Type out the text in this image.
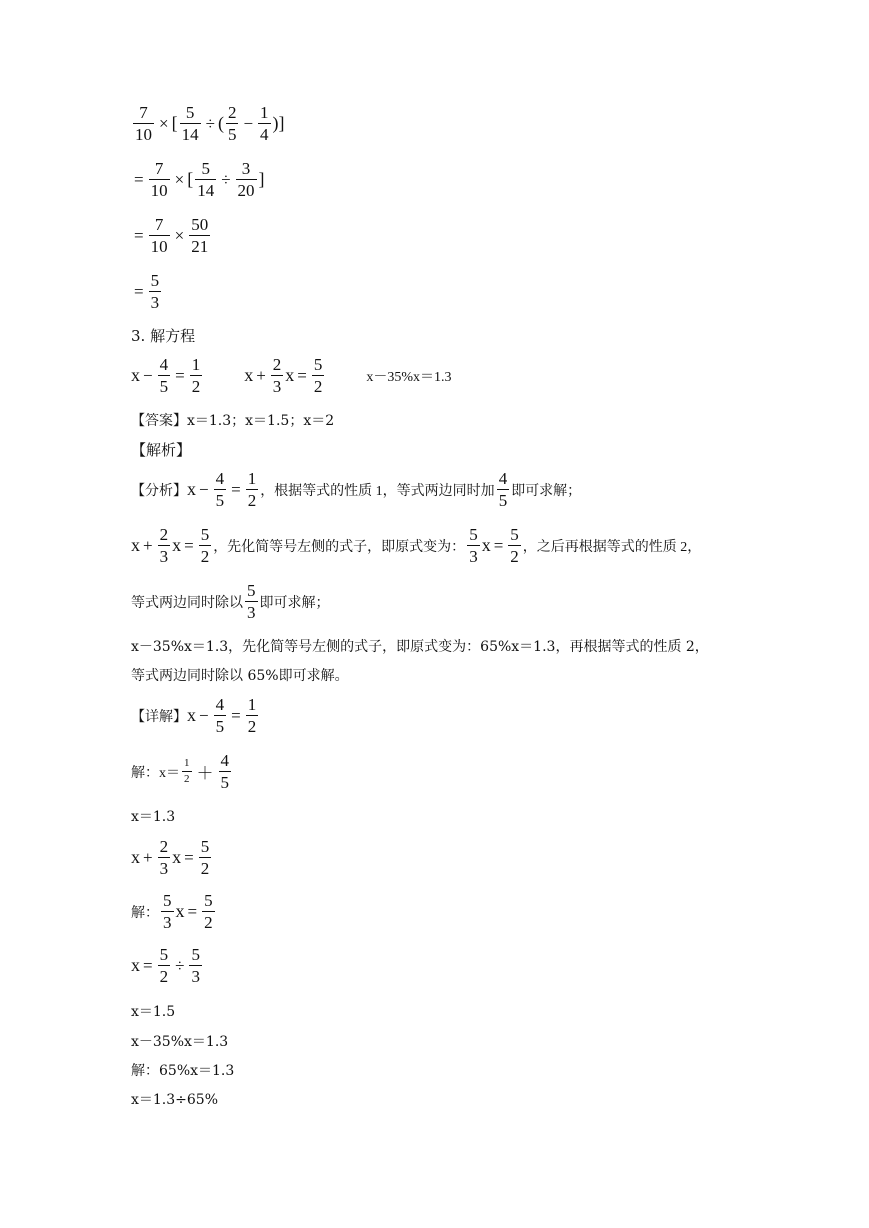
$\frac{7}{10}$ × [ $\frac{5}{14}$ ÷ ( $\frac{2}{5} - \frac{1}{4}$ )]
= $\frac{7}{10}$ × [ $\frac{5}{14} \div \frac{3}{20}$ ]
= $\frac{7}{10} \times \frac{50}{21}$
= $\frac{5}{3}$
3. 解方程
$x - \frac{4}{5} = \frac{1}{2}$ $x + \frac{2}{3}$ $x = \frac{5}{2}$	x－35%x＝1.3
【答案】 x＝1.3；x＝1.5；x＝2
【解析】
【分析】 $x - \frac{4}{5} = \frac{1}{2}$ ，根据等式的性质 1，等式两边同时加 $\frac{4}{5}$ 即可求解；
$x + \frac{2}{3}$ $x = \frac{5}{2}$ ，先化简等号左侧的式子，即原式变为： $\frac{5}{3}$ $x = \frac{5}{2}$ ，之后再根据等式的性质 2，
等式两边同时除以 $\frac{5}{3}$ 即可求解；
x－35%x＝1.3，先化简等号左侧的式子，即原式变为：65%x＝1.3，再根据等式的性质 2，
等式两边同时除以 65%即可求解。
【详解】 $x - \frac{4}{5} = \frac{1}{2}$
解： $x= \frac{1}{2} + \frac{4}{5}$
x＝1.3
$x + \frac{2}{3}$ $x = \frac{5}{2}$
解： $\frac{5}{3}$ $x = \frac{5}{2}$
$x = \frac{5}{2} \div \frac{5}{3}$
x＝1.5
x－35%x＝1.3
解：65%x＝1.3
x＝1.3÷65%
